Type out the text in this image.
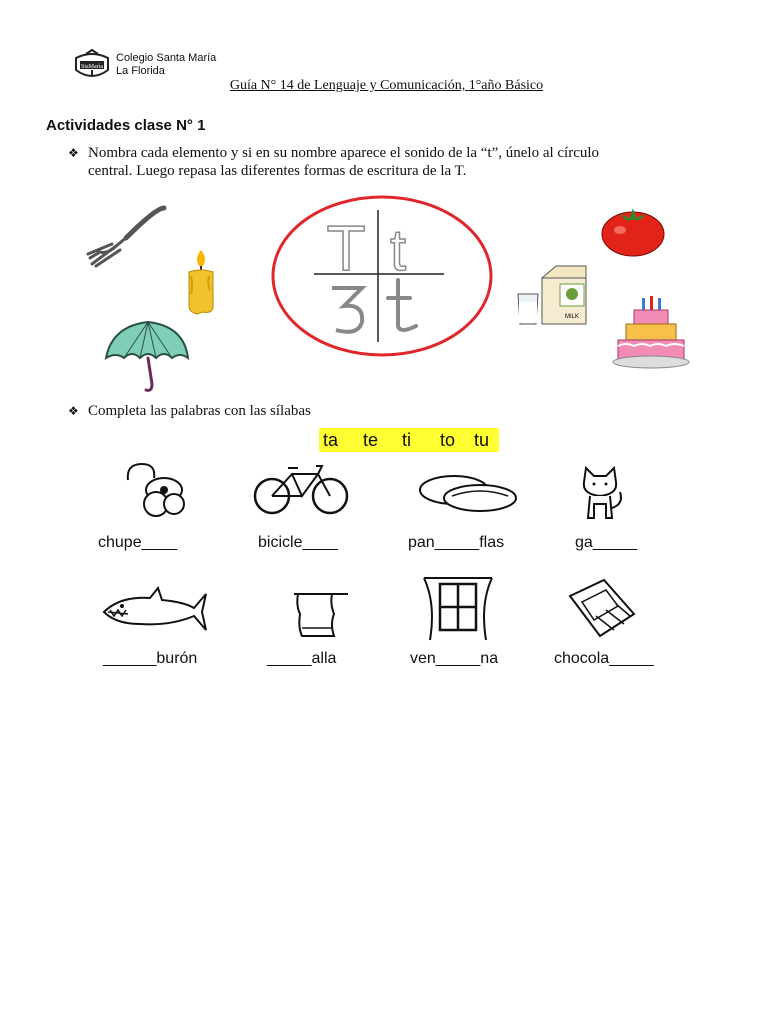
StaMaría
Colegio Santa María
La Florida
Guía N° 14 de Lenguaje y Comunicación, 1°año Básico
Actividades clase N° 1
❖ Nombra cada elemento y si en su nombre aparece el sonido de la “t”, únelo al círculo
central. Luego repasa las diferentes formas de escritura de la T.
T t
MILK
❖ Completa las palabras con las sílabas
ta te ti to tu
chupe____	bicicle____	pan_____flas	ga_____
______burón	_____alla	ven_____na	chocola_____
